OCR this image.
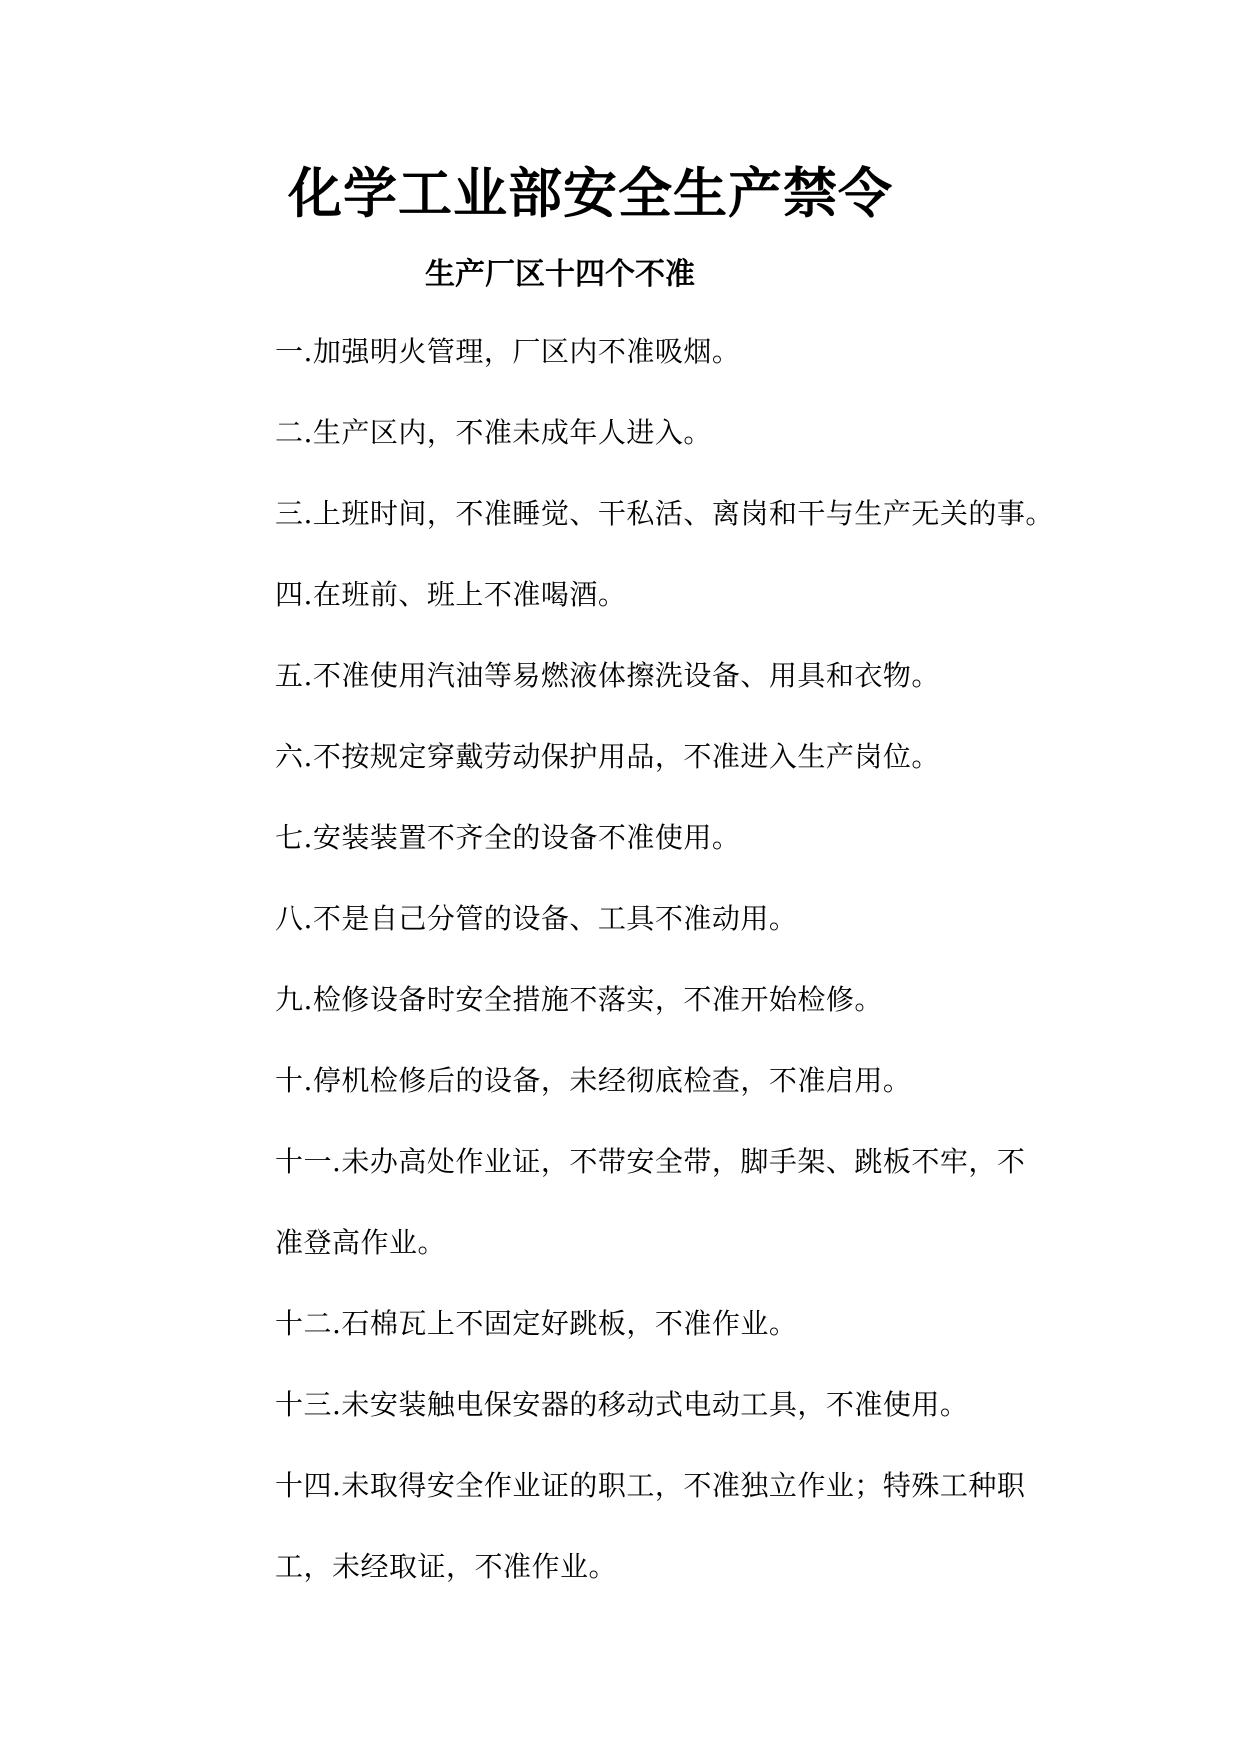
化学工业部安全生产禁令
生产厂区十四个不准
一.加强明火管理，厂区内不准吸烟。
二.生产区内，不准未成年人进入。
三.上班时间，不准睡觉、干私活、离岗和干与生产无关的事。
四.在班前、班上不准喝酒。
五.不准使用汽油等易燃液体擦洗设备、用具和衣物。
六.不按规定穿戴劳动保护用品，不准进入生产岗位。
七.安装装置不齐全的设备不准使用。
八.不是自己分管的设备、工具不准动用。
九.检修设备时安全措施不落实，不准开始检修。
十.停机检修后的设备，未经彻底检查，不准启用。
十一.未办高处作业证，不带安全带，脚手架、跳板不牢，不
准登高作业。
十二.石棉瓦上不固定好跳板，不准作业。
十三.未安装触电保安器的移动式电动工具，不准使用。
十四.未取得安全作业证的职工，不准独立作业；特殊工种职
工，未经取证，不准作业。
